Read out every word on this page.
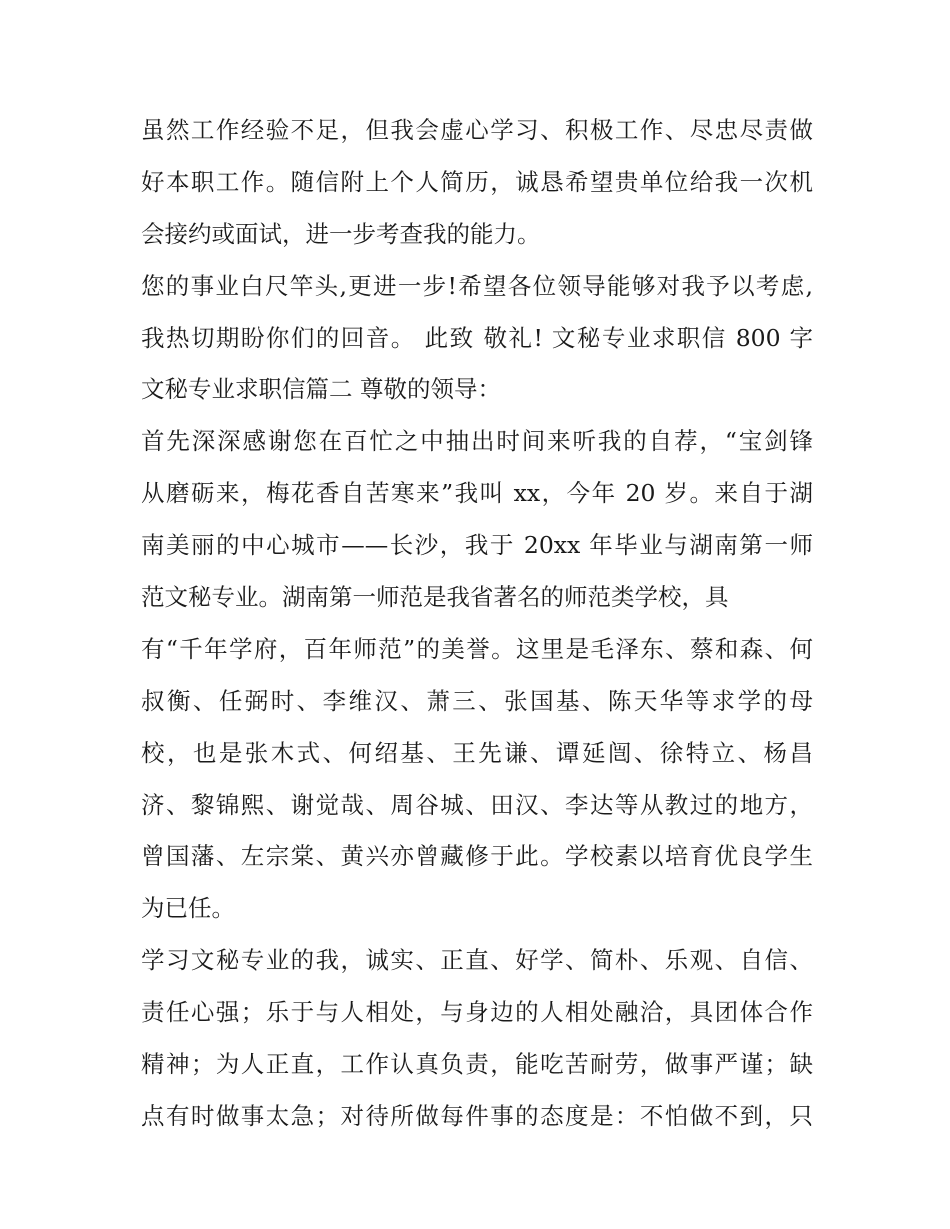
虽然工作经验不足，但我会虚心学习、积极工作、尽忠尽责做
好本职工作。随信附上个人简历，诚恳希望贵单位给我一次机
会接约或面试，进一步考查我的能力。
您的事业白尺竿头,更进一步!希望各位领导能够对我予以考虑,
我热切期盼你们的回音。 此致 敬礼! 文秘专业求职信 800 字
文秘专业求职信篇二 尊敬的领导：
首先深深感谢您在百忙之中抽出时间来听我的自荐，“宝剑锋
从磨砺来，梅花香自苦寒来”我叫 xx，今年 20 岁。来自于湖
南美丽的中心城市——长沙，我于 20xx 年毕业与湖南第一师
范文秘专业。湖南第一师范是我省著名的师范类学校，具
有“千年学府，百年师范”的美誉。这里是毛泽东、蔡和森、何
叔衡、任弼时、李维汉、萧三、张国基、陈天华等求学的母
校，也是张木式、何绍基、王先谦、谭延闿、徐特立、杨昌
济、黎锦熙、谢觉哉、周谷城、田汉、李达等从教过的地方，
曾国藩、左宗棠、黄兴亦曾藏修于此。学校素以培育优良学生
为已任。
学习文秘专业的我，诚实、正直、好学、简朴、乐观、自信、
责任心强；乐于与人相处，与身边的人相处融洽，具团体合作
精神；为人正直，工作认真负责，能吃苦耐劳，做事严谨；缺
点有时做事太急；对待所做每件事的态度是：不怕做不到，只
